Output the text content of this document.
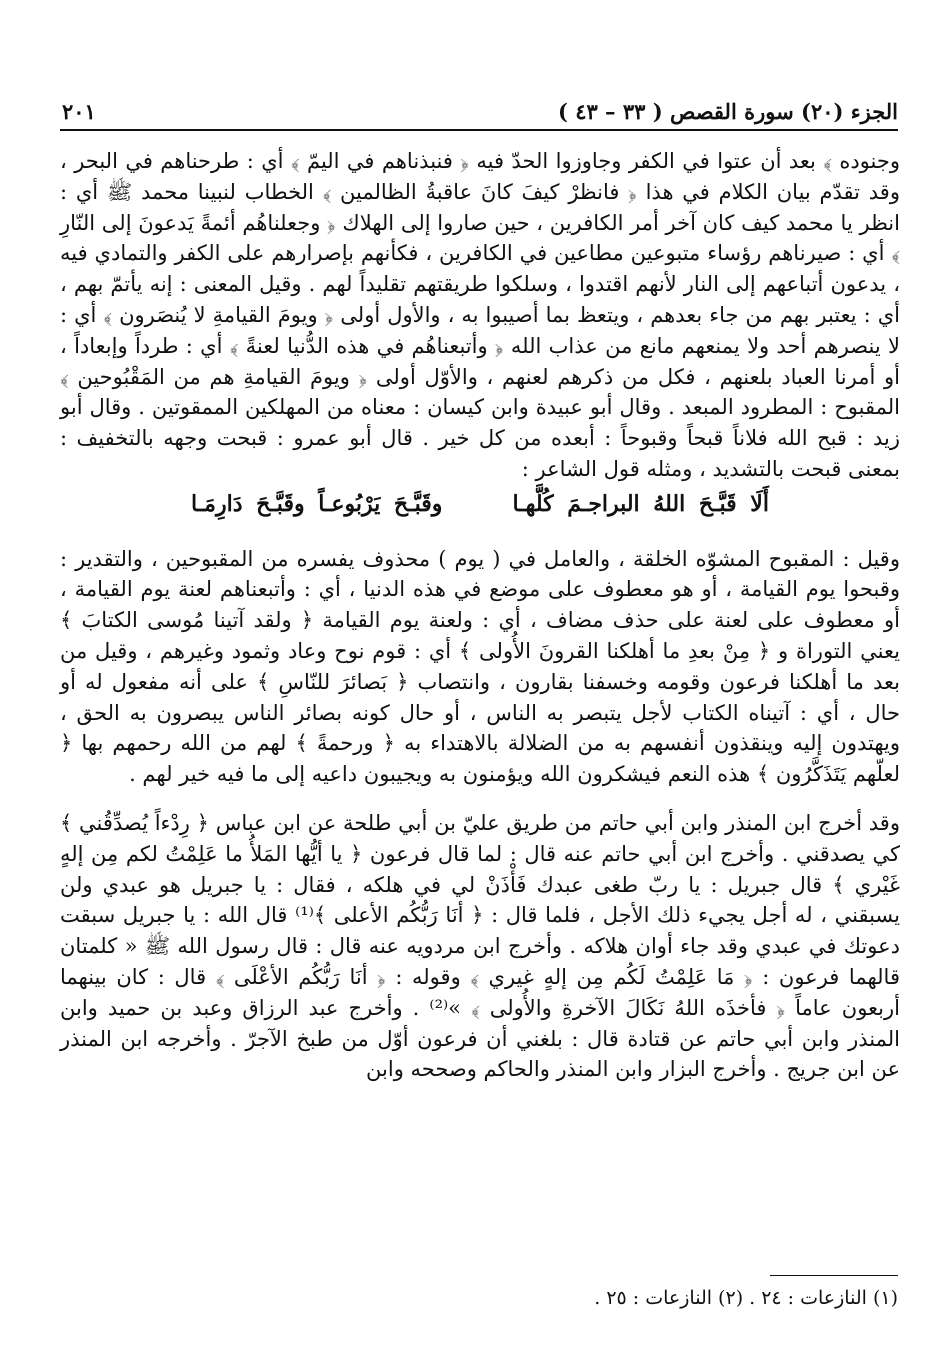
الجزء (٢٠) سورة القصص ( ٣٣ – ٤٣ )
٢٠١

وجنوده ﴾ بعد أن عتوا في الكفر وجاوزوا الحدّ فيه ﴿ فنبذناهم في اليمّ ﴾ أي : طرحناهم في البحر ، وقد تقدّم بيان الكلام في هذا ﴿ فانظرْ كيفَ كانَ عاقبةُ الظالمين ﴾ الخطاب لنبينا محمد ﷺ أي : انظر يا محمد كيف كان آخر أمر الكافرين ، حين صاروا إلى الهلاك ﴿ وجعلناهُم أئمةً يَدعونَ إلى النّارِ ﴾ أي : صيرناهم رؤساء متبوعين مطاعين في الكافرين ، فكأنهم بإصرارهم على الكفر والتمادي فيه ، يدعون أتباعهم إلى النار لأنهم اقتدوا ، وسلكوا طريقتهم تقليداً لهم . وقيل المعنى : إنه يأتمّ بهم ، أي : يعتبر بهم من جاء بعدهم ، ويتعظ بما أصيبوا به ، والأول أولى ﴿ ويومَ القيامةِ لا يُنصَرون ﴾ أي : لا ينصرهم أحد ولا يمنعهم مانع من عذاب الله ﴿ وأتبعناهُم في هذه الدُّنيا لعنةً ﴾ أي : طرداً وإبعاداً ، أو أمرنا العباد بلعنهم ، فكل من ذكرهم لعنهم ، والأوّل أولى ﴿ ويومَ القيامةِ هم من المَقْبُوحين ﴾ المقبوح : المطرود المبعد . وقال أبو عبيدة وابن كيسان : معناه من المهلكين الممقوتين . وقال أبو زيد : قبح الله فلاناً قبحاً وقبوحاً : أبعده من كل خير . قال أبو عمرو : قبحت وجهه بالتخفيف : بمعنى قبحت بالتشديد ، ومثله قول الشاعر :

أَلَا قَبَّـحَ اللهُ البراجـمَ كُلَّهـا وقَبَّـحَ يَرْبُوعـاً وقَبَّـحَ دَارِمَـا

وقيل : المقبوح المشوّه الخلقة ، والعامل في ( يوم ) محذوف يفسره من المقبوحين ، والتقدير : وقبحوا يوم القيامة ، أو هو معطوف على موضع في هذه الدنيا ، أي : وأتبعناهم لعنة يوم القيامة ، أو معطوف على لعنة على حذف مضاف ، أي : ولعنة يوم القيامة ﴿ ولقد آتينا مُوسى الكتابَ ﴾ يعني التوراة و ﴿ مِنْ بعدِ ما أهلكنا القرونَ الأُولى ﴾ أي : قوم نوح وعاد وثمود وغيرهم ، وقيل من بعد ما أهلكنا فرعون وقومه وخسفنا بقارون ، وانتصاب ﴿ بَصائرَ للنّاسِ ﴾ على أنه مفعول له أو حال ، أي : آتيناه الكتاب لأجل يتبصر به الناس ، أو حال كونه بصائر الناس يبصرون به الحق ، ويهتدون إليه وينقذون أنفسهم به من الضلالة بالاهتداء به ﴿ ورحمةً ﴾ لهم من الله رحمهم بها ﴿ لعلّهم يَتَذَكَّرُون ﴾ هذه النعم فيشكرون الله ويؤمنون به ويجيبون داعيه إلى ما فيه خير لهم .

وقد أخرج ابن المنذر وابن أبي حاتم من طريق عليّ بن أبي طلحة عن ابن عباس ﴿ رِدْءاً يُصدِّقُني ﴾ كي يصدقني . وأخرج ابن أبي حاتم عنه قال : لما قال فرعون ﴿ يا أيُّها المَلأُ ما عَلِمْتُ لكم مِن إلهٍ غَيْري ﴾ قال جبريل : يا ربّ طغى عبدك فَأْذَنْ لي في هلكه ، فقال : يا جبريل هو عبدي ولن يسبقني ، له أجل يجيء ذلك الأجل ، فلما قال : ﴿ أنَا رَبُّكُم الأعلى ﴾⁽¹⁾ قال الله : يا جبريل سبقت دعوتك في عبدي وقد جاء أوان هلاكه . وأخرج ابن مردويه عنه قال : قال رسول الله ﷺ « كلمتان قالهما فرعون : ﴿ مَا عَلِمْتُ لَكُم مِن إلهٍ غيري ﴾ وقوله : ﴿ أنَا رَبُّكُم الأعْلَى ﴾ قال : كان بينهما أربعون عاماً ﴿ فأخذَه اللهُ نَكَالَ الآخرةِ والأُولى ﴾ »⁽²⁾ . وأخرج عبد الرزاق وعبد بن حميد وابن المنذر وابن أبي حاتم عن قتادة قال : بلغني أن فرعون أوّل من طبخ الآجرّ . وأخرجه ابن المنذر عن ابن جريج . وأخرج البزار وابن المنذر والحاكم وصححه وابن

(١) النازعات : ٢٤ . (٢) النازعات : ٢٥ .
